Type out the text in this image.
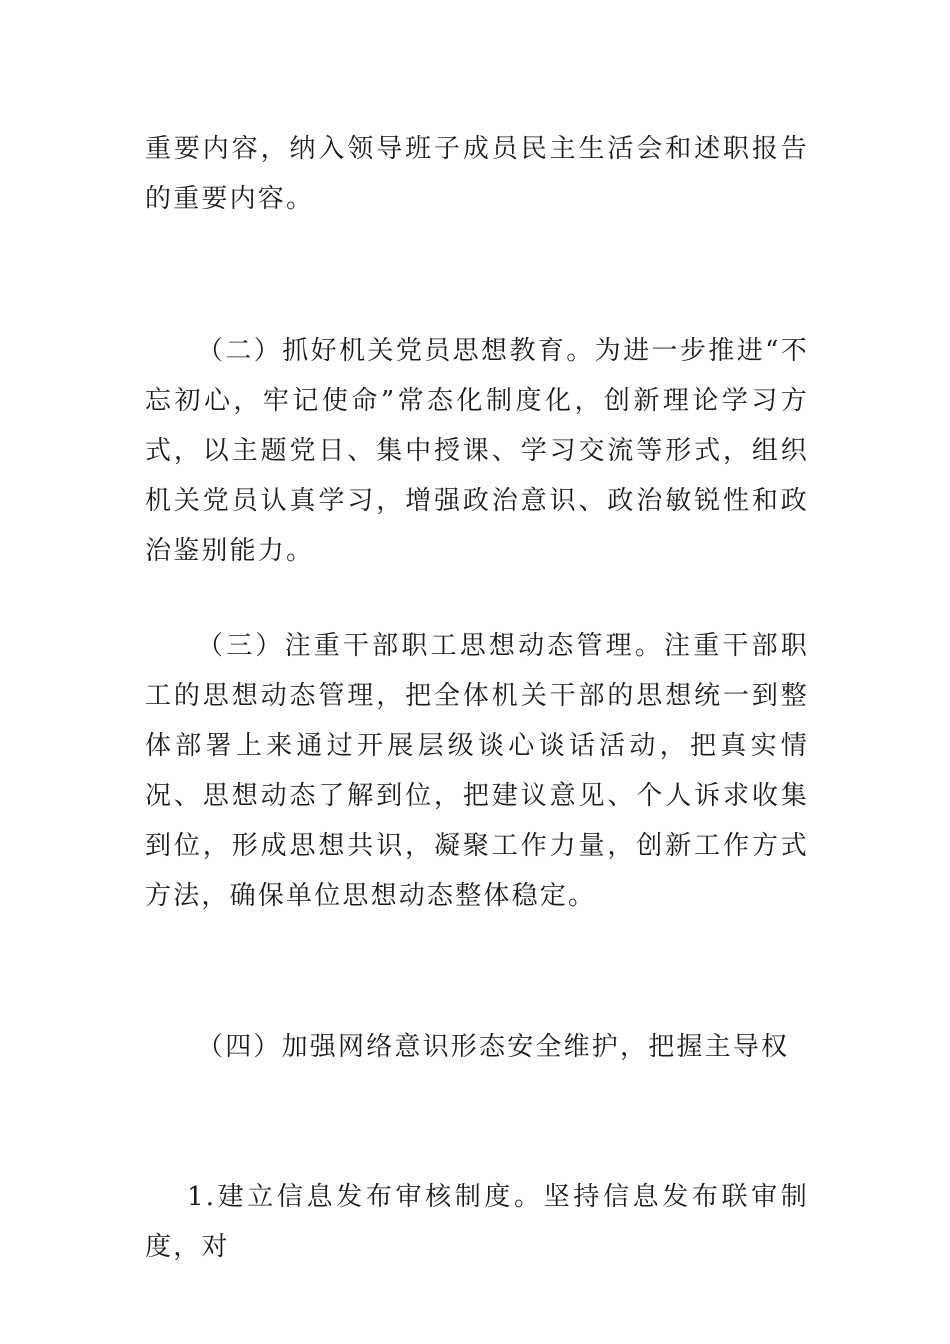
重要内容，纳入领导班子成员民主生活会和述职报告的重要内容。

（二）抓好机关党员思想教育。为进一步推进“不忘初心，牢记使命”常态化制度化，创新理论学习方式，以主题党日、集中授课、学习交流等形式，组织机关党员认真学习，增强政治意识、政治敏锐性和政治鉴别能力。

（三）注重干部职工思想动态管理。注重干部职工的思想动态管理，把全体机关干部的思想统一到整体部署上来通过开展层级谈心谈话活动，把真实情况、思想动态了解到位，把建议意见、个人诉求收集到位，形成思想共识，凝聚工作力量，创新工作方式方法，确保单位思想动态整体稳定。

（四）加强网络意识形态安全维护，把握主导权

1.建立信息发布审核制度。坚持信息发布联审制度，对
